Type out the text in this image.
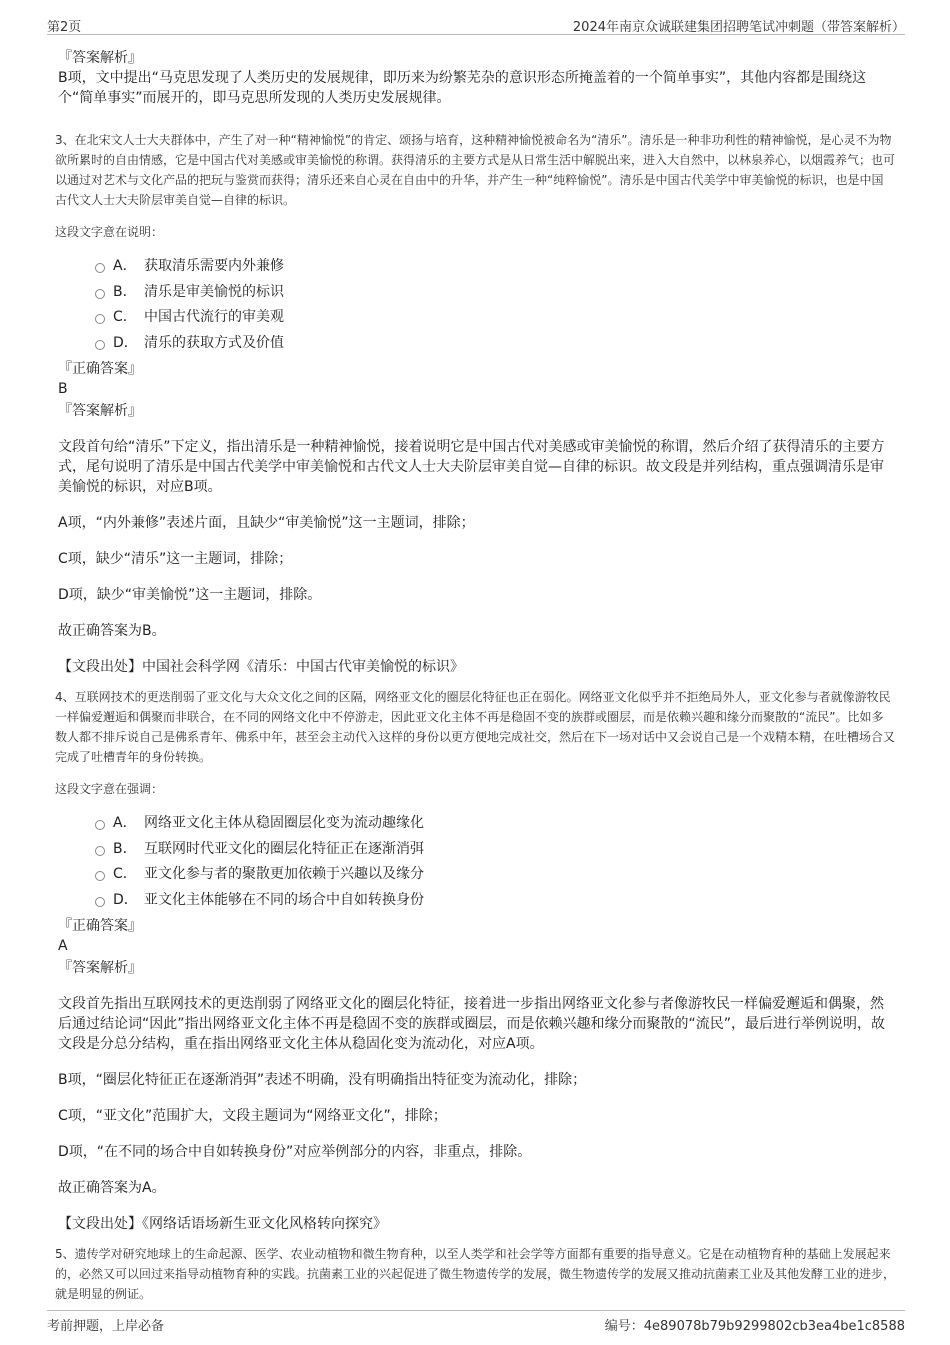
第2页	2024年南京众诚联建集团招聘笔试冲刺题（带答案解析）
『答案解析』
B项，文中提出“马克思发现了人类历史的发展规律，即历来为纷繁芜杂的意识形态所掩盖着的一个简单事实”，其他内容都是围绕这个“简单事实”而展开的，即马克思所发现的人类历史发展规律。
3、在北宋文人士大夫群体中，产生了对一种“精神愉悦”的肯定、颂扬与培育，这种精神愉悦被命名为“清乐”。清乐是一种非功利性的精神愉悦，是心灵不为物欲所累时的自由情感，它是中国古代对美感或审美愉悦的称谓。获得清乐的主要方式是从日常生活中解脱出来，进入大自然中，以林泉养心，以烟霞养气；也可以通过对艺术与文化产品的把玩与鉴赏而获得；清乐还来自心灵在自由中的升华，并产生一种“纯粹愉悦”。清乐是中国古代美学中审美愉悦的标识，也是中国古代文人士大夫阶层审美自觉—自律的标识。
这段文字意在说明：
A． 获取清乐需要内外兼修
B． 清乐是审美愉悦的标识
C． 中国古代流行的审美观
D． 清乐的获取方式及价值
『正确答案』
B
『答案解析』
文段首句给“清乐”下定义，指出清乐是一种精神愉悦，接着说明它是中国古代对美感或审美愉悦的称谓，然后介绍了获得清乐的主要方式，尾句说明了清乐是中国古代美学中审美愉悦和古代文人士大夫阶层审美自觉—自律的标识。故文段是并列结构，重点强调清乐是审美愉悦的标识，对应B项。
A项，“内外兼修”表述片面，且缺少“审美愉悦”这一主题词，排除；
C项，缺少“清乐”这一主题词，排除；
D项，缺少“审美愉悦”这一主题词，排除。
故正确答案为B。
【文段出处】中国社会科学网《清乐：中国古代审美愉悦的标识》
4、互联网技术的更迭削弱了亚文化与大众文化之间的区隔，网络亚文化的圈层化特征也正在弱化。网络亚文化似乎并不拒绝局外人，亚文化参与者就像游牧民一样偏爱邂逅和偶聚而非联合，在不同的网络文化中不停游走，因此亚文化主体不再是稳固不变的族群或圈层，而是依赖兴趣和缘分而聚散的“流民”。比如多数人都不排斥说自己是佛系青年、佛系中年，甚至会主动代入这样的身份以更方便地完成社交，然后在下一场对话中又会说自己是一个戏精本精，在吐槽场合又完成了吐槽青年的身份转换。
这段文字意在强调：
A． 网络亚文化主体从稳固圈层化变为流动趣缘化
B． 互联网时代亚文化的圈层化特征正在逐渐消弭
C． 亚文化参与者的聚散更加依赖于兴趣以及缘分
D． 亚文化主体能够在不同的场合中自如转换身份
『正确答案』
A
『答案解析』
文段首先指出互联网技术的更迭削弱了网络亚文化的圈层化特征，接着进一步指出网络亚文化参与者像游牧民一样偏爱邂逅和偶聚，然后通过结论词“因此”指出网络亚文化主体不再是稳固不变的族群或圈层，而是依赖兴趣和缘分而聚散的“流民”，最后进行举例说明，故文段是分总分结构，重在指出网络亚文化主体从稳固化变为流动化，对应A项。
B项，“圈层化特征正在逐渐消弭”表述不明确，没有明确指出特征变为流动化，排除；
C项，“亚文化”范围扩大，文段主题词为“网络亚文化”，排除；
D项，“在不同的场合中自如转换身份”对应举例部分的内容，非重点，排除。
故正确答案为A。
【文段出处】《网络话语场新生亚文化风格转向探究》
5、遗传学对研究地球上的生命起源、医学、农业动植物和微生物育种，以至人类学和社会学等方面都有重要的指导意义。它是在动植物育种的基础上发展起来的，必然又可以回过来指导动植物育种的实践。抗菌素工业的兴起促进了微生物遗传学的发展，微生物遗传学的发展又推动抗菌素工业及其他发酵工业的进步，就是明显的例证。
考前押题，上岸必备	编号：4e89078b79b9299802cb3ea4be1c8588
